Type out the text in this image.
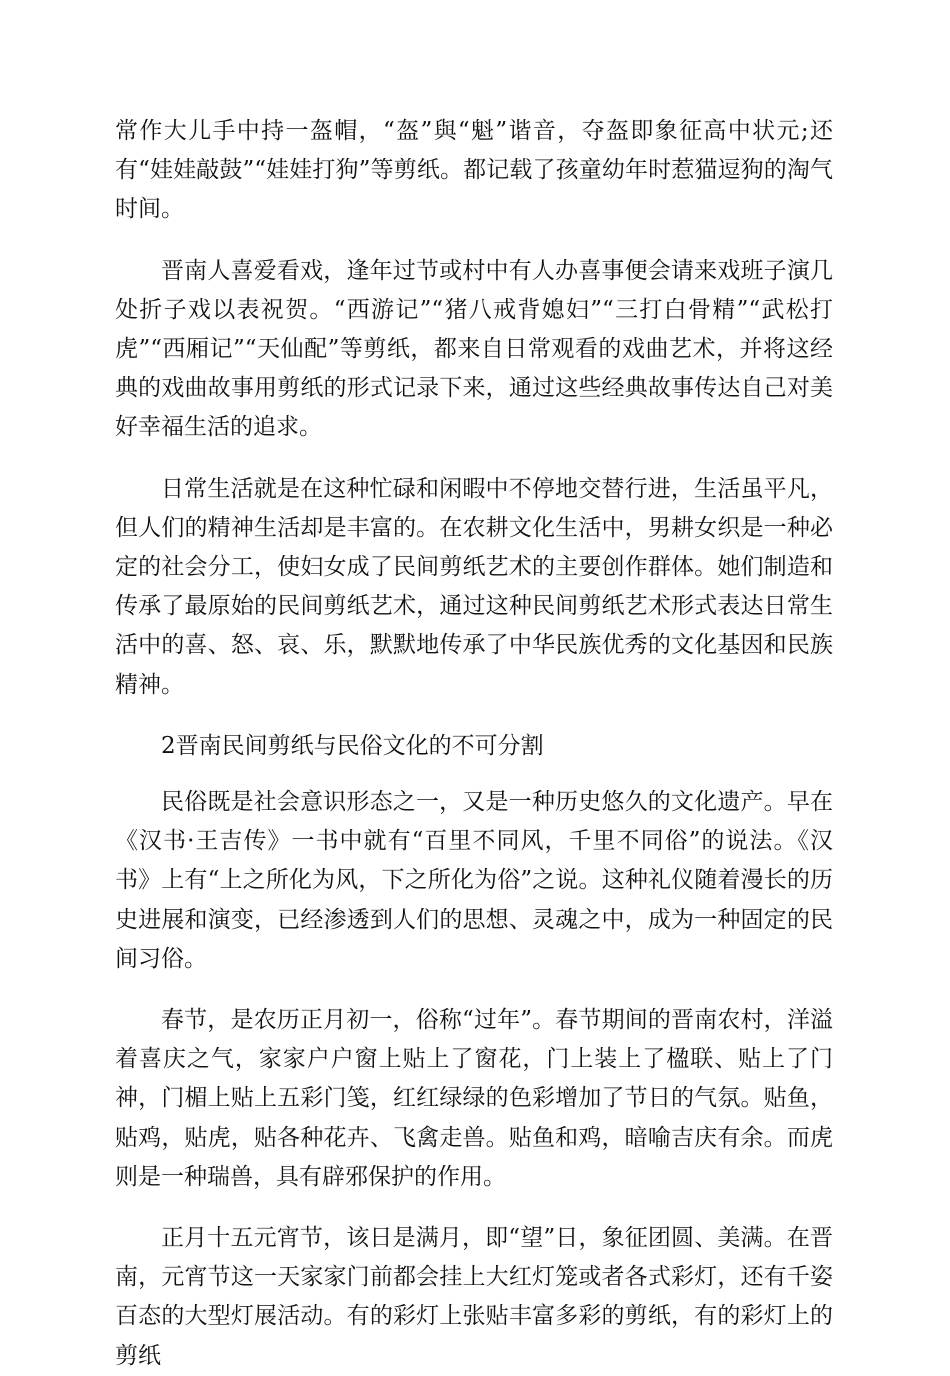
常作大儿手中持一盔帽，“盔”與“魁”谐音，夺盔即象征高中状元;还有“娃娃敲鼓”“娃娃打狗”等剪纸。都记载了孩童幼年时惹猫逗狗的淘气时间。

晋南人喜爱看戏，逢年过节或村中有人办喜事便会请来戏班子演几处折子戏以表祝贺。“西游记”“猪八戒背媳妇”“三打白骨精”“武松打虎”“西厢记”“天仙配”等剪纸，都来自日常观看的戏曲艺术，并将这经典的戏曲故事用剪纸的形式记录下来，通过这些经典故事传达自己对美好幸福生活的追求。

日常生活就是在这种忙碌和闲暇中不停地交替行进，生活虽平凡，但人们的精神生活却是丰富的。在农耕文化生活中，男耕女织是一种必定的社会分工，使妇女成了民间剪纸艺术的主要创作群体。她们制造和传承了最原始的民间剪纸艺术，通过这种民间剪纸艺术形式表达日常生活中的喜、怒、哀、乐，默默地传承了中华民族优秀的文化基因和民族精神。

2晋南民间剪纸与民俗文化的不可分割

民俗既是社会意识形态之一，又是一种历史悠久的文化遗产。早在《汉书·王吉传》一书中就有“百里不同风，千里不同俗”的说法。《汉书》上有“上之所化为风，下之所化为俗”之说。这种礼仪随着漫长的历史进展和演变，已经渗透到人们的思想、灵魂之中，成为一种固定的民间习俗。

春节，是农历正月初一，俗称“过年”。春节期间的晋南农村，洋溢着喜庆之气，家家户户窗上贴上了窗花，门上装上了楹联、贴上了门神，门楣上贴上五彩门笺，红红绿绿的色彩增加了节日的气氛。贴鱼，贴鸡，贴虎，贴各种花卉、飞禽走兽。贴鱼和鸡，暗喻吉庆有余。而虎则是一种瑞兽，具有辟邪保护的作用。

正月十五元宵节，该日是满月，即“望”日，象征团圆、美满。在晋南，元宵节这一天家家门前都会挂上大红灯笼或者各式彩灯，还有千姿百态的大型灯展活动。有的彩灯上张贴丰富多彩的剪纸，有的彩灯上的剪纸
